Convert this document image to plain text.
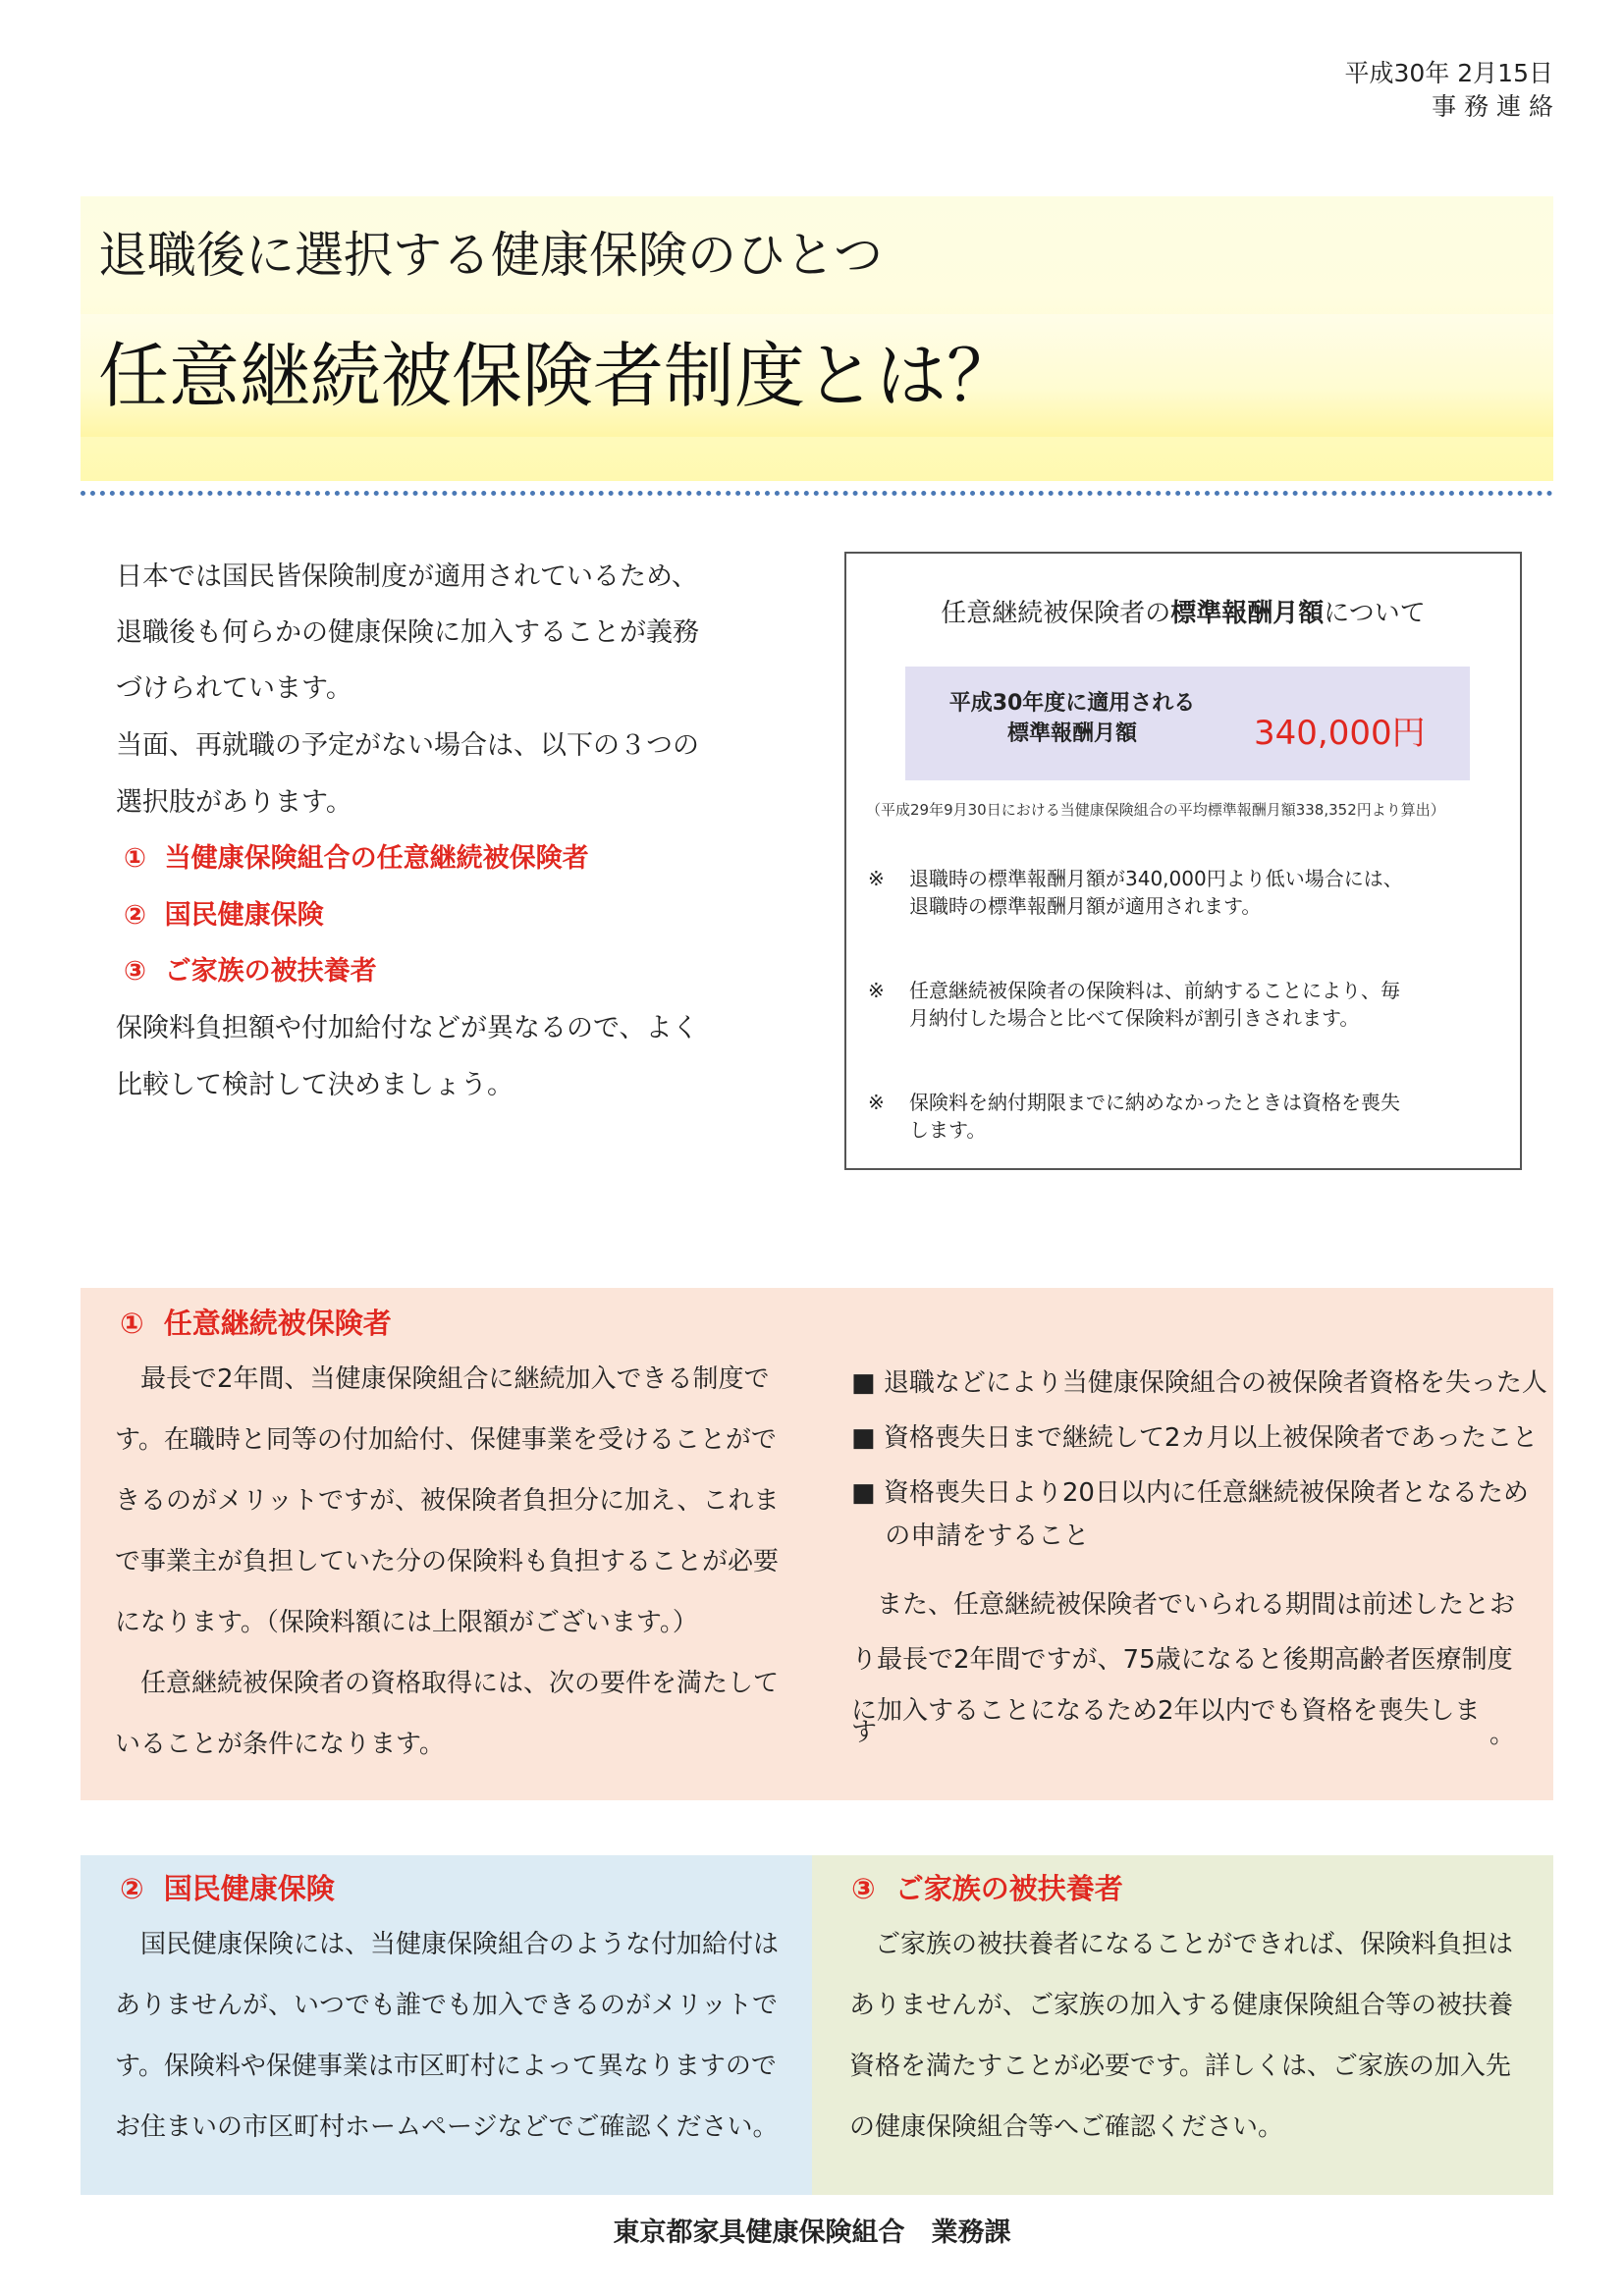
平成30年 2月15日
事 務 連 絡
退職後に選択する健康保険のひとつ
任意継続被保険者制度とは？
日本では国民皆保険制度が適用されているため、
退職後も何らかの健康保険に加入することが義務
づけられています。
当面、再就職の予定がない場合は、以下の３つの
選択肢があります。
①  当健康保険組合の任意継続被保険者
②  国民健康保険
③  ご家族の被扶養者
保険料負担額や付加給付などが異なるので、よく
比較して検討して決めましょう。
任意継続被保険者の標準報酬月額について
平成30年度に適用される
標準報酬月額	340,000円
（平成29年9月30日における当健康保険組合の平均標準報酬月額338,352円より算出）
※ 退職時の標準報酬月額が340,000円より低い場合には、
退職時の標準報酬月額が適用されます。
※ 任意継続被保険者の保険料は、前納することにより、毎
月納付した場合と比べて保険料が割引きされます。
※ 保険料を納付期限までに納めなかったときは資格を喪失
します。
①  任意継続被保険者
　最長で2年間、当健康保険組合に継続加入できる制度で
す。在職時と同等の付加給付、保健事業を受けることがで
きるのがメリットですが、被保険者負担分に加え、これま
で事業主が負担していた分の保険料も負担することが必要
になります。（保険料額には上限額がございます。）
　任意継続被保険者の資格取得には、次の要件を満たして
いることが条件になります。
■ 退職などにより当健康保険組合の被保険者資格を失った人
■ 資格喪失日まで継続して2カ月以上被保険者であったこと
■ 資格喪失日より20日以内に任意継続被保険者となるため
　 の申請をすること
　また、任意継続被保険者でいられる期間は前述したとお
り最長で2年間ですが、75歳になると後期高齢者医療制度
に加入することになるため2年以内でも資格を喪失しま
す	。
②  国民健康保険
　国民健康保険には、当健康保険組合のような付加給付は
ありませんが、いつでも誰でも加入できるのがメリットで
す。保険料や保健事業は市区町村によって異なりますので
お住まいの市区町村ホームページなどでご確認ください。
③  ご家族の被扶養者
　ご家族の被扶養者になることができれば、保険料負担は
ありませんが、ご家族の加入する健康保険組合等の被扶養
資格を満たすことが必要です。詳しくは、ご家族の加入先
の健康保険組合等へご確認ください。
東京都家具健康保険組合　業務課
